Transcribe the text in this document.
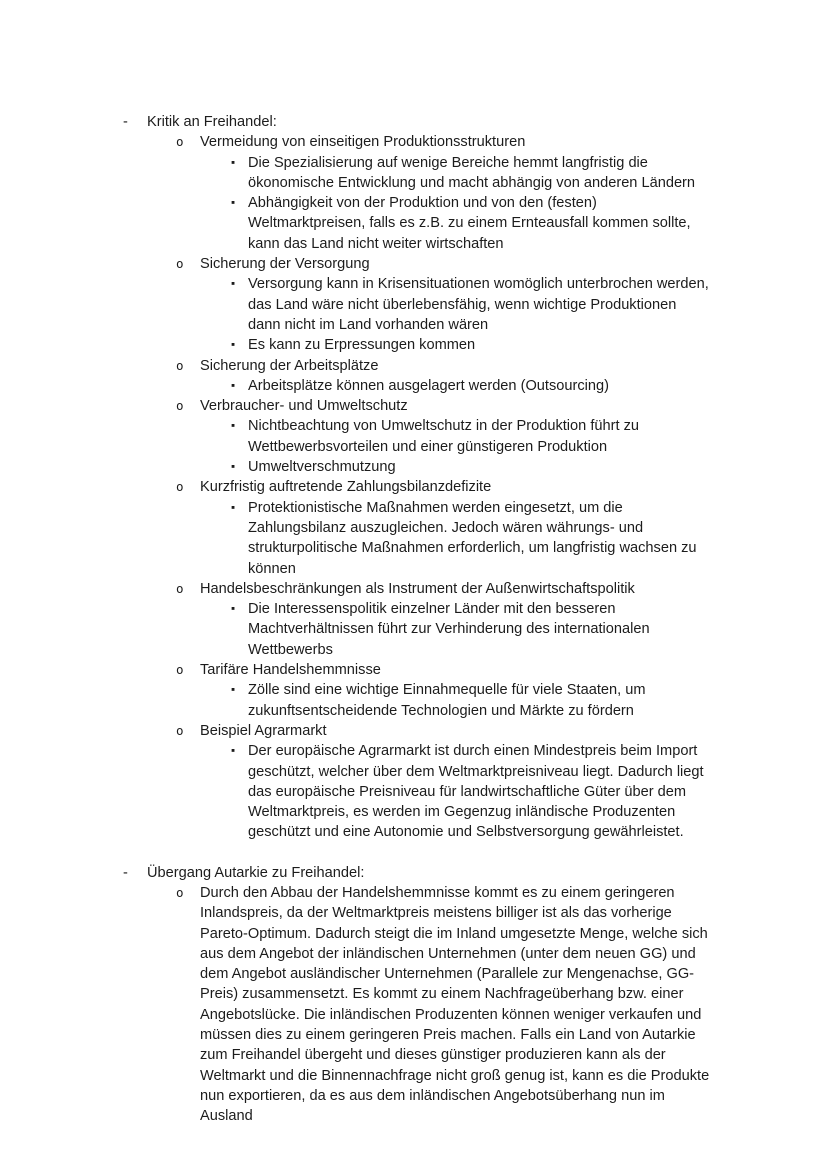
-	Kritik an Freihandel:
o	Vermeidung von einseitigen Produktionsstrukturen
▪ Die Spezialisierung auf wenige Bereiche hemmt langfristig die ökonomische Entwicklung und macht abhängig von anderen Ländern
▪ Abhängigkeit von der Produktion und von den (festen) Weltmarktpreisen, falls es z.B. zu einem Ernteausfall kommen sollte, kann das Land nicht weiter wirtschaften
o	Sicherung der Versorgung
▪ Versorgung kann in Krisensituationen womöglich unterbrochen werden, das Land wäre nicht überlebensfähig, wenn wichtige Produktionen dann nicht im Land vorhanden wären
▪ Es kann zu Erpressungen kommen
o	Sicherung der Arbeitsplätze
▪ Arbeitsplätze können ausgelagert werden (Outsourcing)
o	Verbraucher- und Umweltschutz
▪ Nichtbeachtung von Umweltschutz in der Produktion führt zu Wettbewerbsvorteilen und einer günstigeren Produktion
▪ Umweltverschmutzung
o	Kurzfristig auftretende Zahlungsbilanzdefizite
▪ Protektionistische Maßnahmen werden eingesetzt, um die Zahlungsbilanz auszugleichen. Jedoch wären währungs- und strukturpolitische Maßnahmen erforderlich, um langfristig wachsen zu können
o	Handelsbeschränkungen als Instrument der Außenwirtschaftspolitik
▪ Die Interessenspolitik einzelner Länder mit den besseren Machtverhältnissen führt zur Verhinderung des internationalen Wettbewerbs
o	Tarifäre Handelshemmnisse
▪ Zölle sind eine wichtige Einnahmequelle für viele Staaten, um zukunftsentscheidende Technologien und Märkte zu fördern
o	Beispiel Agrarmarkt
▪ Der europäische Agrarmarkt ist durch einen Mindestpreis beim Import geschützt, welcher über dem Weltmarktpreisniveau liegt. Dadurch liegt das europäische Preisniveau für landwirtschaftliche Güter über dem Weltmarktpreis, es werden im Gegenzug inländische Produzenten geschützt und eine Autonomie und Selbstversorgung gewährleistet.
-	Übergang Autarkie zu Freihandel:
o	Durch den Abbau der Handelshemmnisse kommt es zu einem geringeren Inlandspreis, da der Weltmarktpreis meistens billiger ist als das vorherige Pareto-Optimum. Dadurch steigt die im Inland umgesetzte Menge, welche sich aus dem Angebot der inländischen Unternehmen (unter dem neuen GG) und dem Angebot ausländischer Unternehmen (Parallele zur Mengenachse, GG-Preis) zusammensetzt. Es kommt zu einem Nachfrageüberhang bzw. einer Angebotslücke. Die inländischen Produzenten können weniger verkaufen und müssen dies zu einem geringeren Preis machen. Falls ein Land von Autarkie zum Freihandel übergeht und dieses günstiger produzieren kann als der Weltmarkt und die Binnennachfrage nicht groß genug ist, kann es die Produkte nun exportieren, da es aus dem inländischen Angebotsüberhang nun im Ausland
